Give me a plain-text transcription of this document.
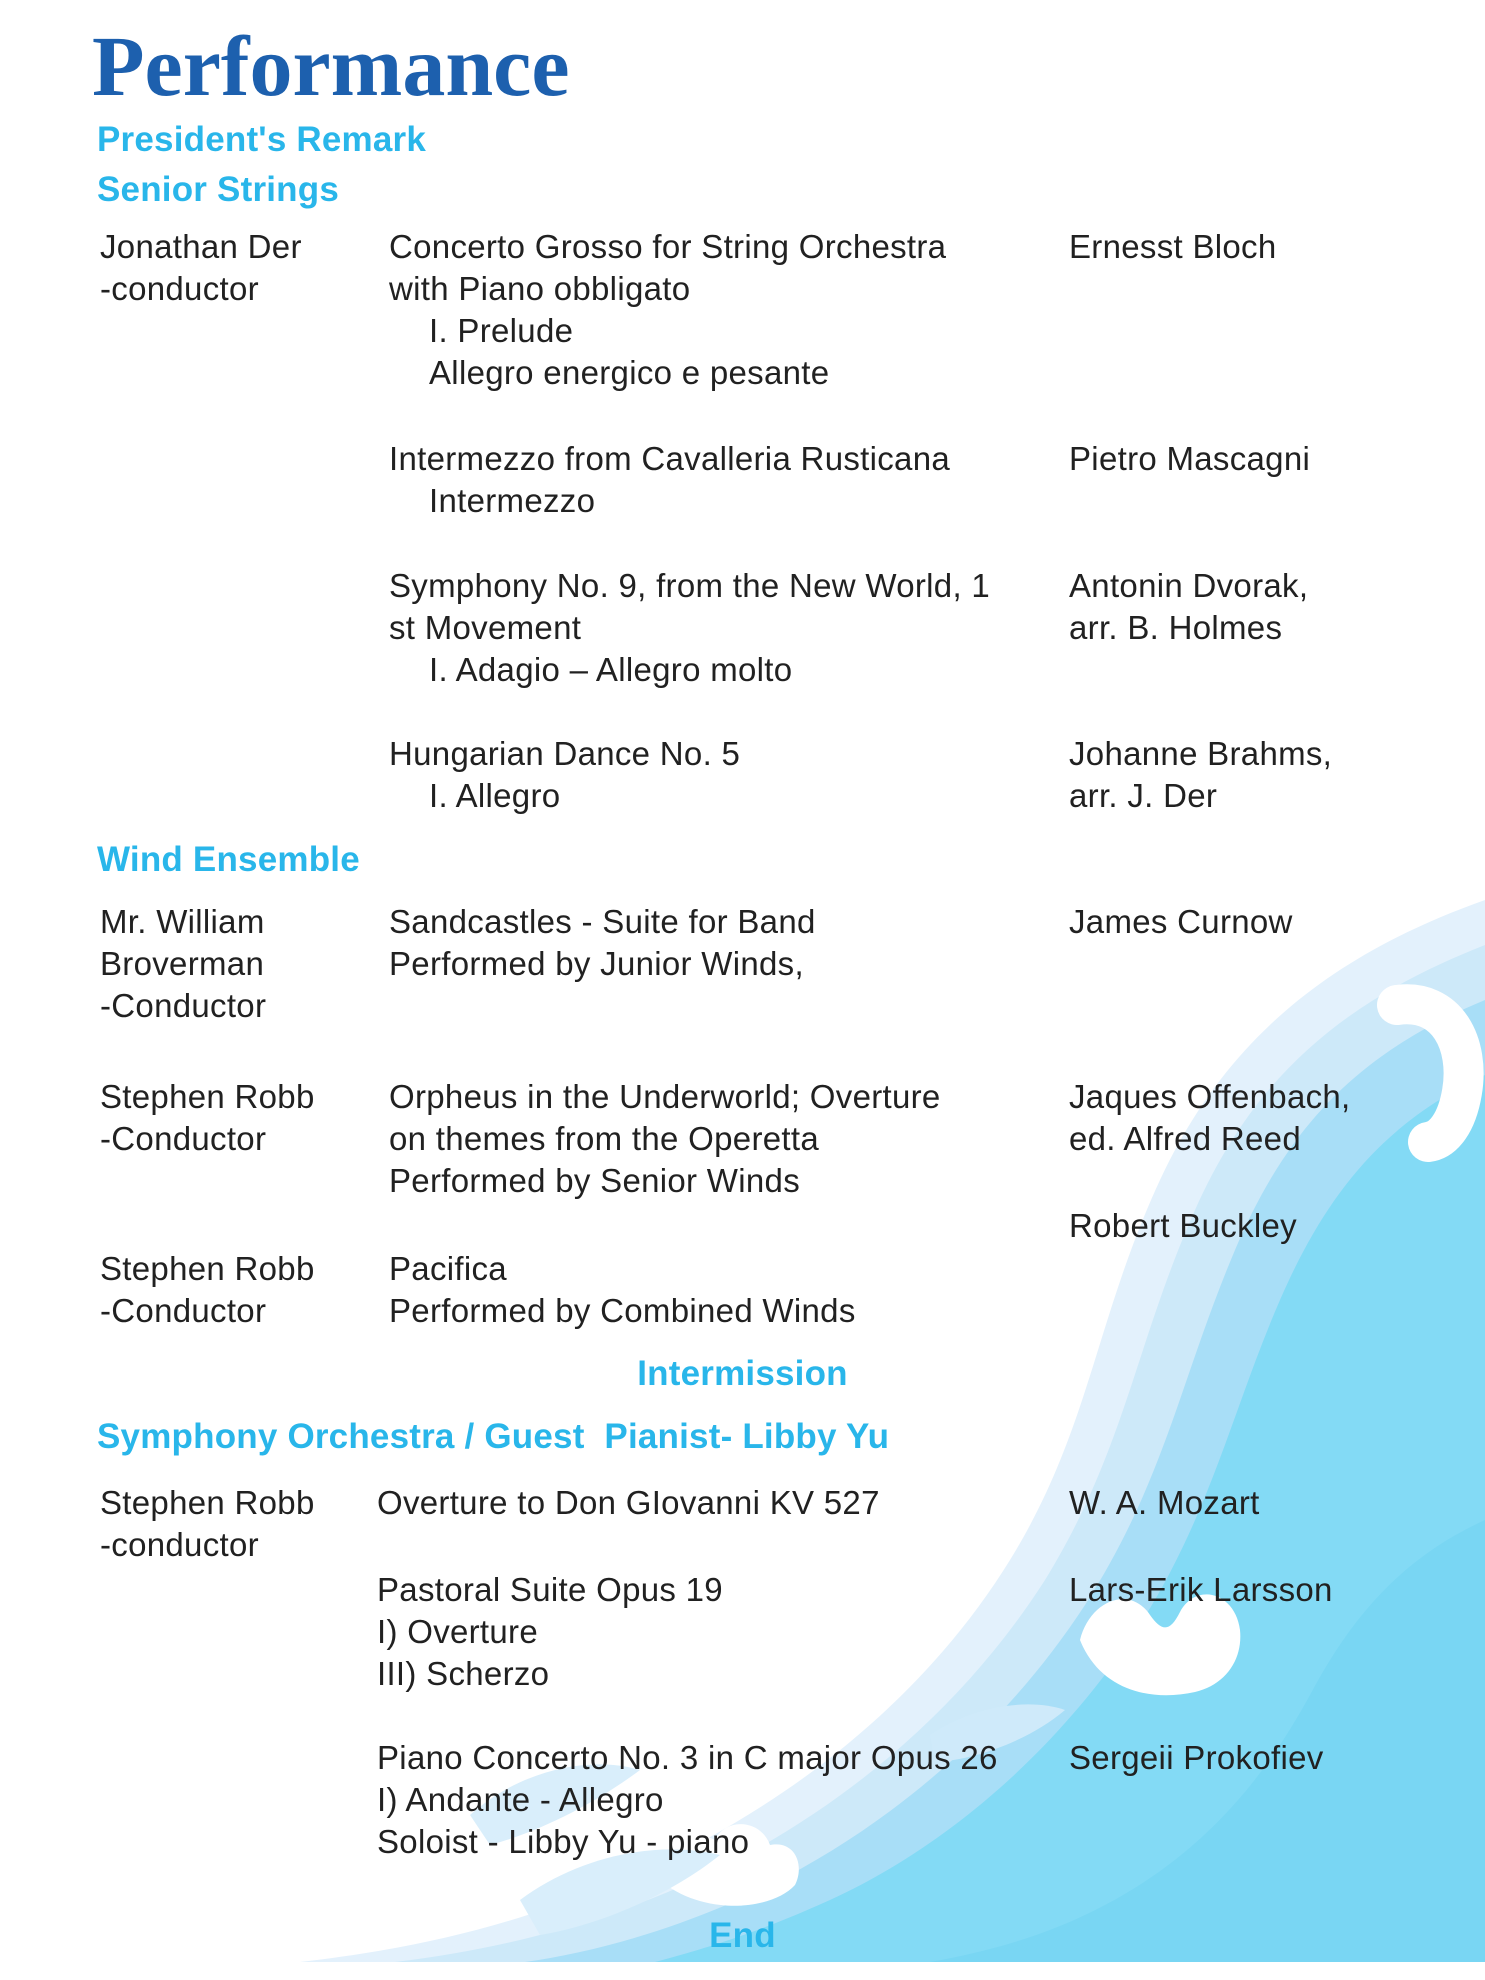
Performance
President's Remark
Senior Strings
Wind Ensemble
Intermission
Symphony Orchestra / Guest  Pianist- Libby Yu
End
Jonathan Der
-conductor
Concerto Grosso for String Orchestra
with Piano obbligato
I. Prelude
Allegro energico e pesante
Ernesst Bloch
Intermezzo from Cavalleria Rusticana
Intermezzo
Pietro Mascagni
Symphony No. 9, from the New World, 1
st Movement
I. Adagio – Allegro molto
Antonin Dvorak,
arr. B. Holmes
Hungarian Dance No. 5
I. Allegro
Johanne Brahms,
arr. J. Der
Mr. William
Broverman
-Conductor
Sandcastles - Suite for Band
Performed by Junior Winds,
James Curnow
Stephen Robb
-Conductor
Orpheus in the Underworld; Overture
on themes from the Operetta
Performed by Senior Winds
Jaques Offenbach,
ed. Alfred Reed
Robert Buckley
Stephen Robb
-Conductor
Pacifica
Performed by Combined Winds
Stephen Robb
-conductor
Overture to Don GIovanni KV 527	W. A. Mozart
Pastoral Suite Opus 19
I) Overture
III) Scherzo
Lars-Erik Larsson
Piano Concerto No. 3 in C major Opus 26
I) Andante - Allegro
Soloist - Libby Yu - piano
Sergeii Prokofiev
